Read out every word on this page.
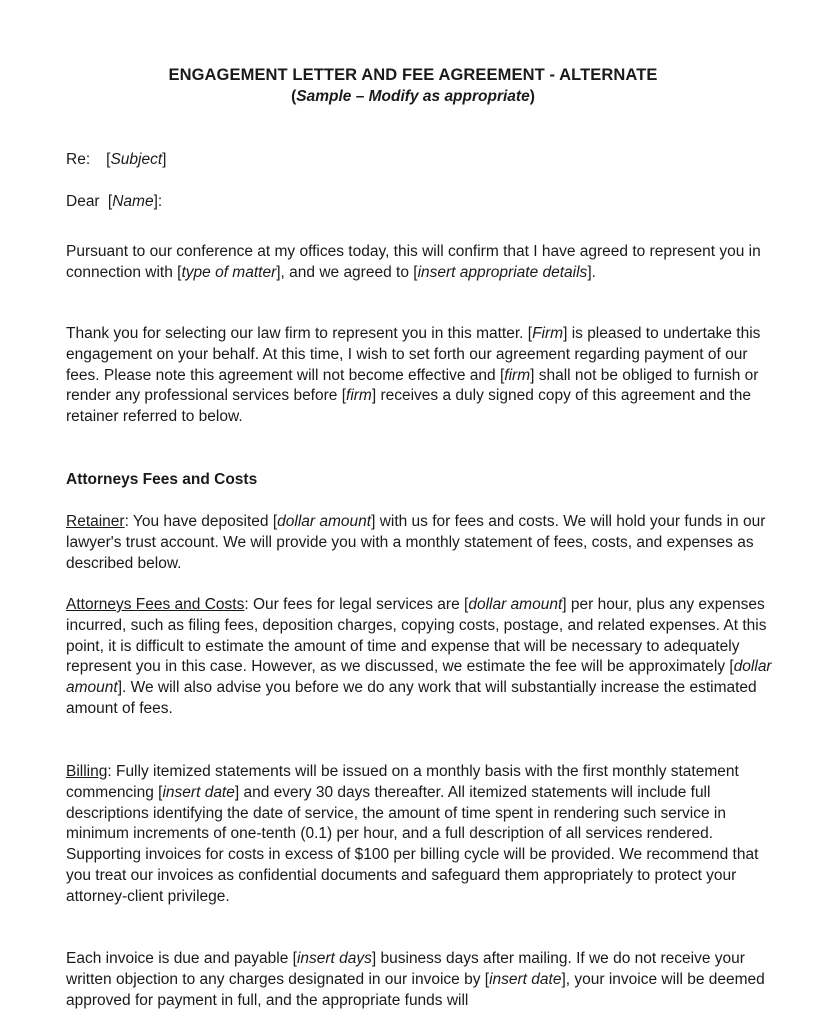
ENGAGEMENT LETTER AND FEE AGREEMENT - ALTERNATE
(Sample – Modify as appropriate)
Re: [Subject]
Dear [Name]:
Pursuant to our conference at my offices today, this will confirm that I have agreed to represent you in connection with [type of matter], and we agreed to [insert appropriate details].
Thank you for selecting our law firm to represent you in this matter. [Firm] is pleased to undertake this engagement on your behalf. At this time, I wish to set forth our agreement regarding payment of our fees. Please note this agreement will not become effective and [firm] shall not be obliged to furnish or render any professional services before [firm] receives a duly signed copy of this agreement and the retainer referred to below.
Attorneys Fees and Costs
Retainer: You have deposited [dollar amount] with us for fees and costs. We will hold your funds in our lawyer's trust account. We will provide you with a monthly statement of fees, costs, and expenses as described below.
Attorneys Fees and Costs: Our fees for legal services are [dollar amount] per hour, plus any expenses incurred, such as filing fees, deposition charges, copying costs, postage, and related expenses. At this point, it is difficult to estimate the amount of time and expense that will be necessary to adequately represent you in this case. However, as we discussed, we estimate the fee will be approximately [dollar amount]. We will also advise you before we do any work that will substantially increase the estimated amount of fees.
Billing: Fully itemized statements will be issued on a monthly basis with the first monthly statement commencing [insert date] and every 30 days thereafter. All itemized statements will include full descriptions identifying the date of service, the amount of time spent in rendering such service in minimum increments of one-tenth (0.1) per hour, and a full description of all services rendered. Supporting invoices for costs in excess of $100 per billing cycle will be provided. We recommend that you treat our invoices as confidential documents and safeguard them appropriately to protect your attorney-client privilege.
Each invoice is due and payable [insert days] business days after mailing. If we do not receive your written objection to any charges designated in our invoice by [insert date], your invoice will be deemed approved for payment in full, and the appropriate funds will
